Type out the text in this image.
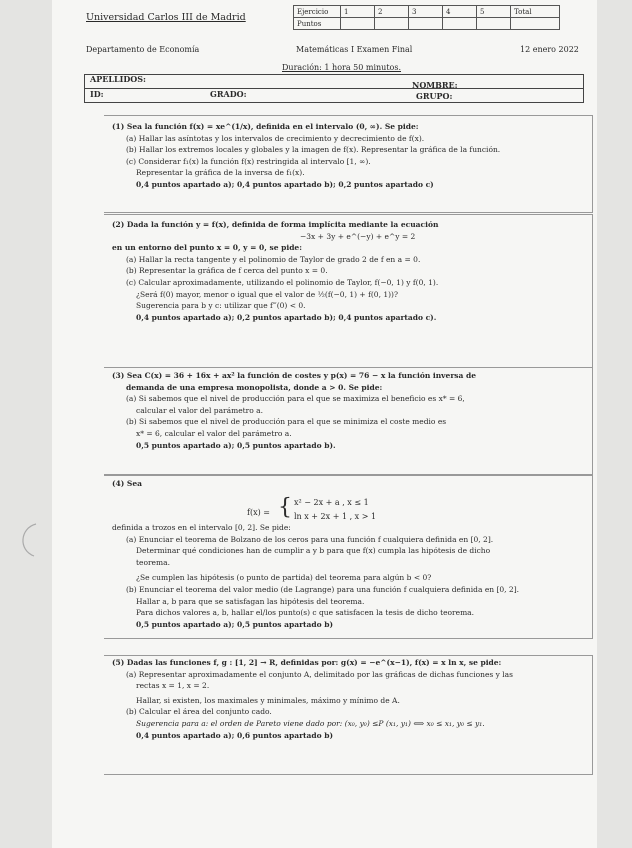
Universidad Carlos III de Madrid
Ejercicio	1	2	3	4	5	Total
Puntos						
Departamento de Economía	Matemáticas I Examen Final	12 enero 2022
Duración: 1 hora 50 minutos.
APELLIDOS:
NOMBRE:
ID:	GRADO:	GRUPO:
(1) Sea la función f(x) = xe^(1/x), definida en el intervalo (0, ∞). Se pide:
(a) Hallar las asíntotas y los intervalos de crecimiento y decrecimiento de f(x).
(b) Hallar los extremos locales y globales y la imagen de f(x). Representar la gráfica de la función.
(c) Considerar f₁(x) la función f(x) restringida al intervalo [1, ∞).
Representar la gráfica de la inversa de f₁(x).
0,4 puntos apartado a); 0,4 puntos apartado b); 0,2 puntos apartado c)
(2) Dada la función y = f(x), definida de forma implícita mediante la ecuación
−3x + 3y + e^(−y) + e^y = 2
en un entorno del punto x = 0, y = 0, se pide:
(a) Hallar la recta tangente y el polinomio de Taylor de grado 2 de f en a = 0.
(b) Representar la gráfica de f cerca del punto x = 0.
(c) Calcular aproximadamente, utilizando el polinomio de Taylor, f(−0, 1) y f(0, 1).
¿Será f(0) mayor, menor o igual que el valor de ½(f(−0, 1) + f(0, 1))?
Sugerencia para b y c: utilizar que f‴(0) < 0.
0,4 puntos apartado a); 0,2 puntos apartado b); 0,4 puntos apartado c).
(3) Sea C(x) = 36 + 16x + ax² la función de costes y p(x) = 76 − x la función inversa de
demanda de una empresa monopolista, donde a > 0. Se pide:
(a) Si sabemos que el nivel de producción para el que se maximiza el beneficio es x* = 6,
calcular el valor del parámetro a.
(b) Si sabemos que el nivel de producción para el que se minimiza el coste medio es
x* = 6, calcular el valor del parámetro a.
0,5 puntos apartado a); 0,5 puntos apartado b).
(4) Sea
f(x) = { x² − 2x + a , x ≤ 1
ln x + 2x + 1 , x > 1
definida a trozos en el intervalo [0, 2]. Se pide:
(a) Enunciar el teorema de Bolzano de los ceros para una función f cualquiera definida en [0, 2].
Determinar qué condiciones han de cumplir a y b para que f(x) cumpla las hipótesis de dicho
teorema.
¿Se cumplen las hipótesis (o punto de partida) del teorema para algún b < 0?
(b) Enunciar el teorema del valor medio (de Lagrange) para una función f cualquiera definida en [0, 2].
Hallar a, b para que se satisfagan las hipótesis del teorema.
Para dichos valores a, b, hallar el/los punto(s) c que satisfacen la tesis de dicho teorema.
0,5 puntos apartado a); 0,5 puntos apartado b)
(5) Dadas las funciones f, g : [1, 2] → R, definidas por: g(x) = −e^(x−1), f(x) = x ln x, se pide:
(a) Representar aproximadamente el conjunto A, delimitado por las gráficas de dichas funciones y las
rectas x = 1, x = 2.
Hallar, si existen, los maximales y minimales, máximo y mínimo de A.
(b) Calcular el área del conjunto cado.
Sugerencia para a: el orden de Pareto viene dado por: (x₀, y₀) ≤P (x₁, y₁) ⟺ x₀ ≤ x₁, y₀ ≤ y₁.
0,4 puntos apartado a); 0,6 puntos apartado b)
